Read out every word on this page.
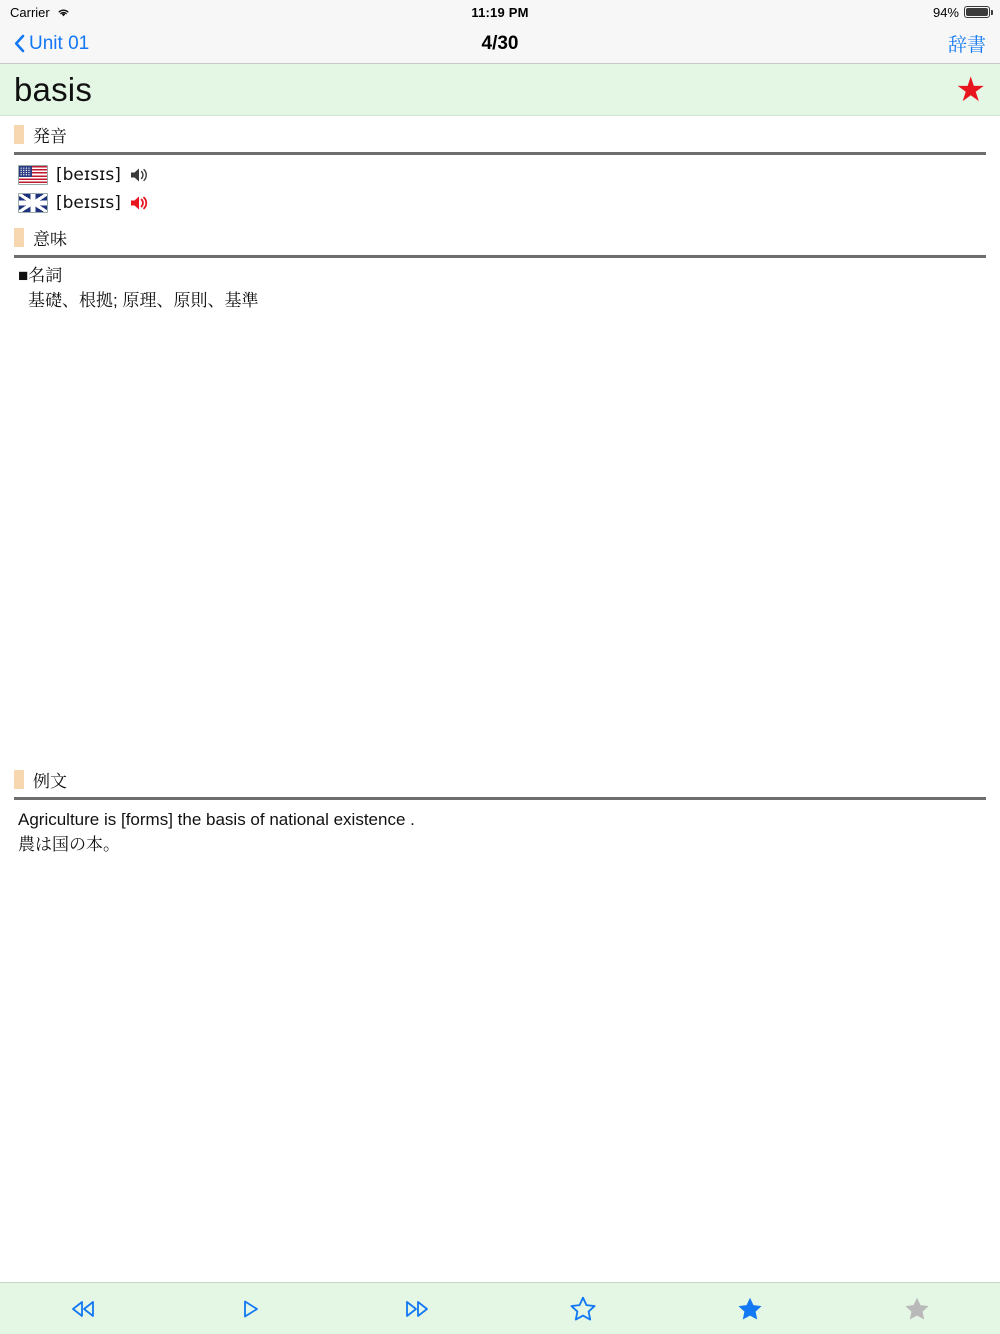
Carrier	11:19 PM	94%
Unit 01	4/30	辞書
basis	★
発音
[beɪsɪs]
[beɪsɪs]
意味
■名詞
基礎、根拠; 原理、原則、基準
例文
Agriculture is [forms] the basis of national existence .
農は国の本。
